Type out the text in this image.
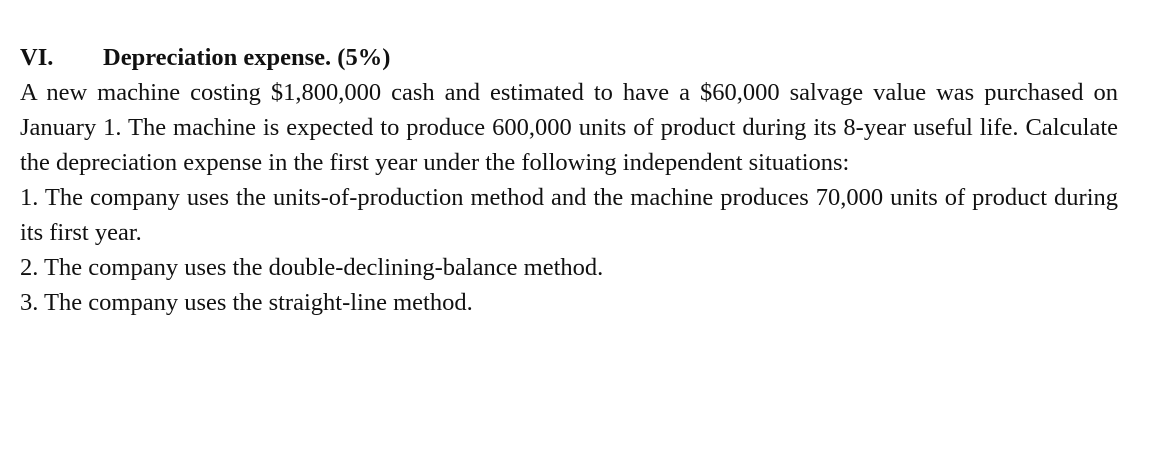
VI.	Depreciation expense. (5%)

A new machine costing $1,800,000 cash and estimated to have a $60,000 salvage value was purchased on January 1. The machine is expected to produce 600,000 units of product during its 8-year useful life. Calculate the depreciation expense in the first year under the following independent situations:

1. The company uses the units-of-production method and the machine produces 70,000 units of product during its first year.

2. The company uses the double-declining-balance method.

3. The company uses the straight-line method.
